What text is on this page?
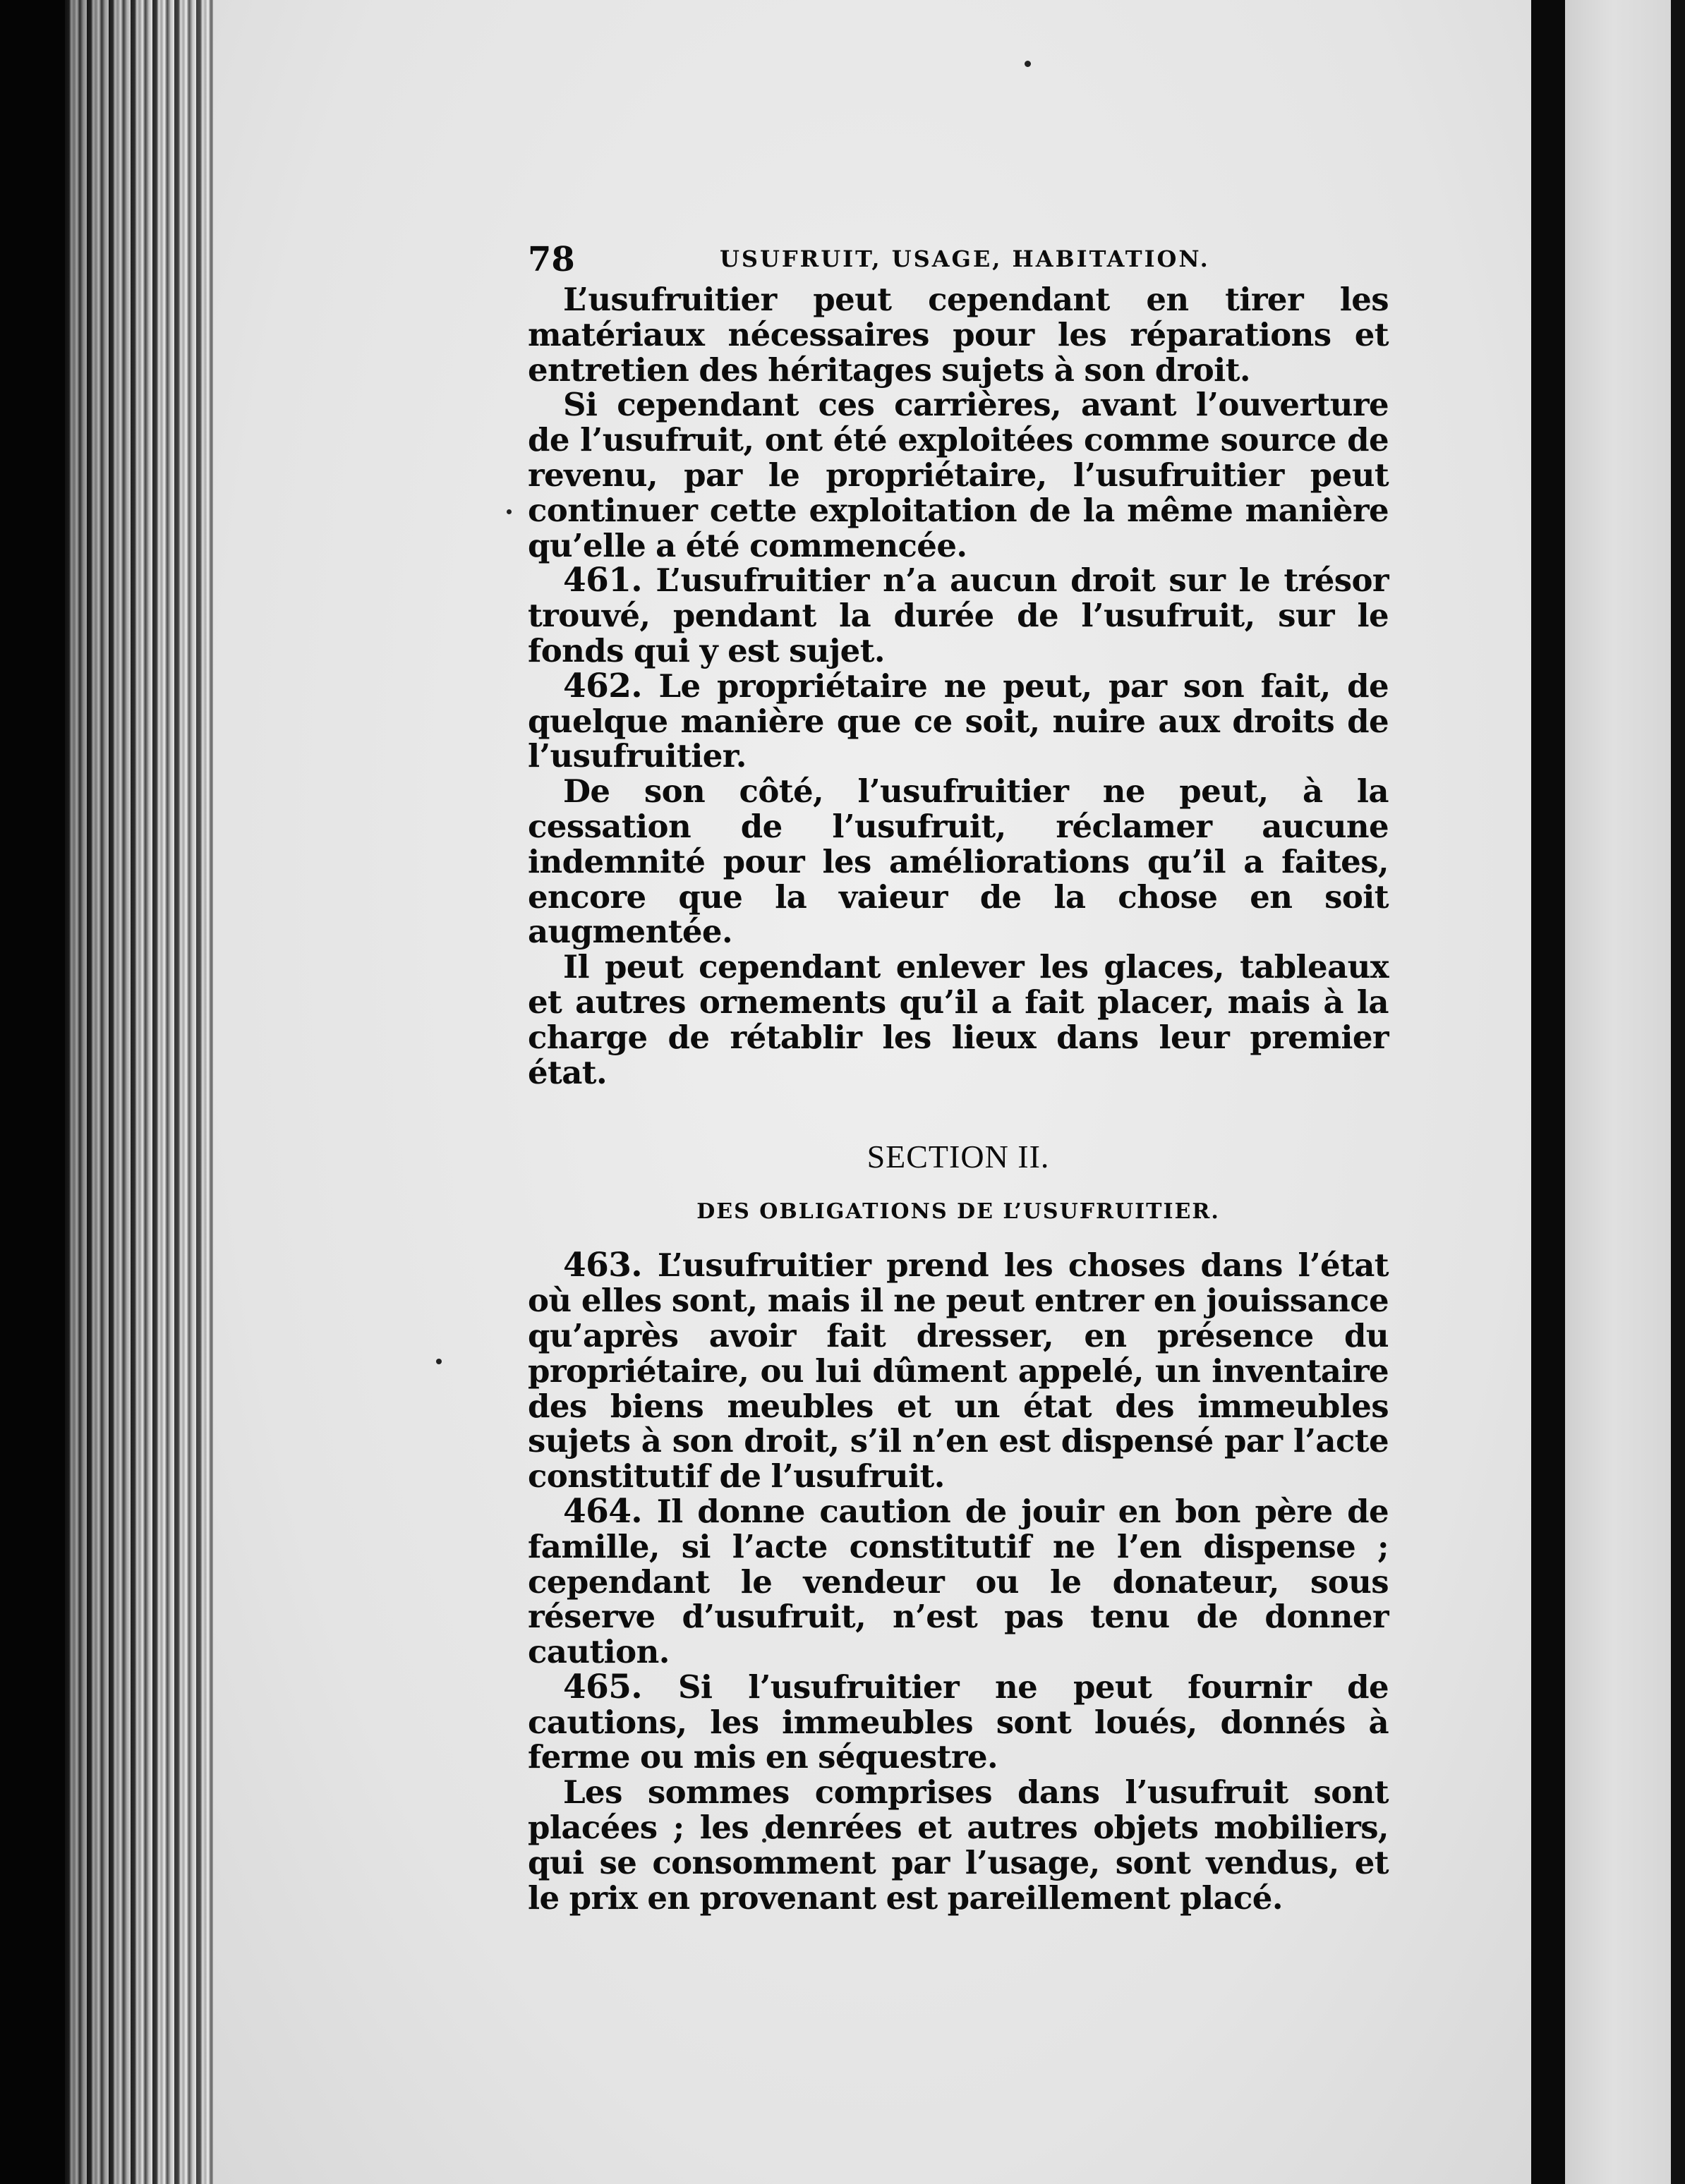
78	USUFRUIT, USAGE, HABITATION.

L’usufruitier peut cependant en tirer les matériaux nécessaires pour les réparations et entretien des héritages sujets à son droit.

Si cependant ces carrières, avant l’ouverture de l’usufruit, ont été exploitées comme source de revenu, par le propriétaire, l’usufruitier peut continuer cette exploitation de la même manière qu’elle a été commencée.

461. L’usufruitier n’a aucun droit sur le trésor trouvé, pendant la durée de l’usufruit, sur le fonds qui y est sujet.

462. Le propriétaire ne peut, par son fait, de quelque manière que ce soit, nuire aux droits de l’usufruitier.

De son côté, l’usufruitier ne peut, à la cessation de l’usufruit, réclamer aucune indemnité pour les améliorations qu’il a faites, encore que la vaieur de la chose en soit augmentée.

Il peut cependant enlever les glaces, tableaux et autres ornements qu’il a fait placer, mais à la charge de rétablir les lieux dans leur premier état.

SECTION II.
DES OBLIGATIONS DE L’USUFRUITIER.

463. L’usufruitier prend les choses dans l’état où elles sont, mais il ne peut entrer en jouissance qu’après avoir fait dresser, en présence du propriétaire, ou lui dûment appelé, un inventaire des biens meubles et un état des immeubles sujets à son droit, s’il n’en est dispensé par l’acte constitutif de l’usufruit.

464. Il donne caution de jouir en bon père de famille, si l’acte constitutif ne l’en dispense ; cependant le vendeur ou le donateur, sous réserve d’usufruit, n’est pas tenu de donner caution.

465. Si l’usufruitier ne peut fournir de cautions, les immeubles sont loués, donnés à ferme ou mis en séquestre.

Les sommes comprises dans l’usufruit sont placées ; les denrées et autres objets mobiliers, qui se consomment par l’usage, sont vendus, et le prix en provenant est pareillement placé.
